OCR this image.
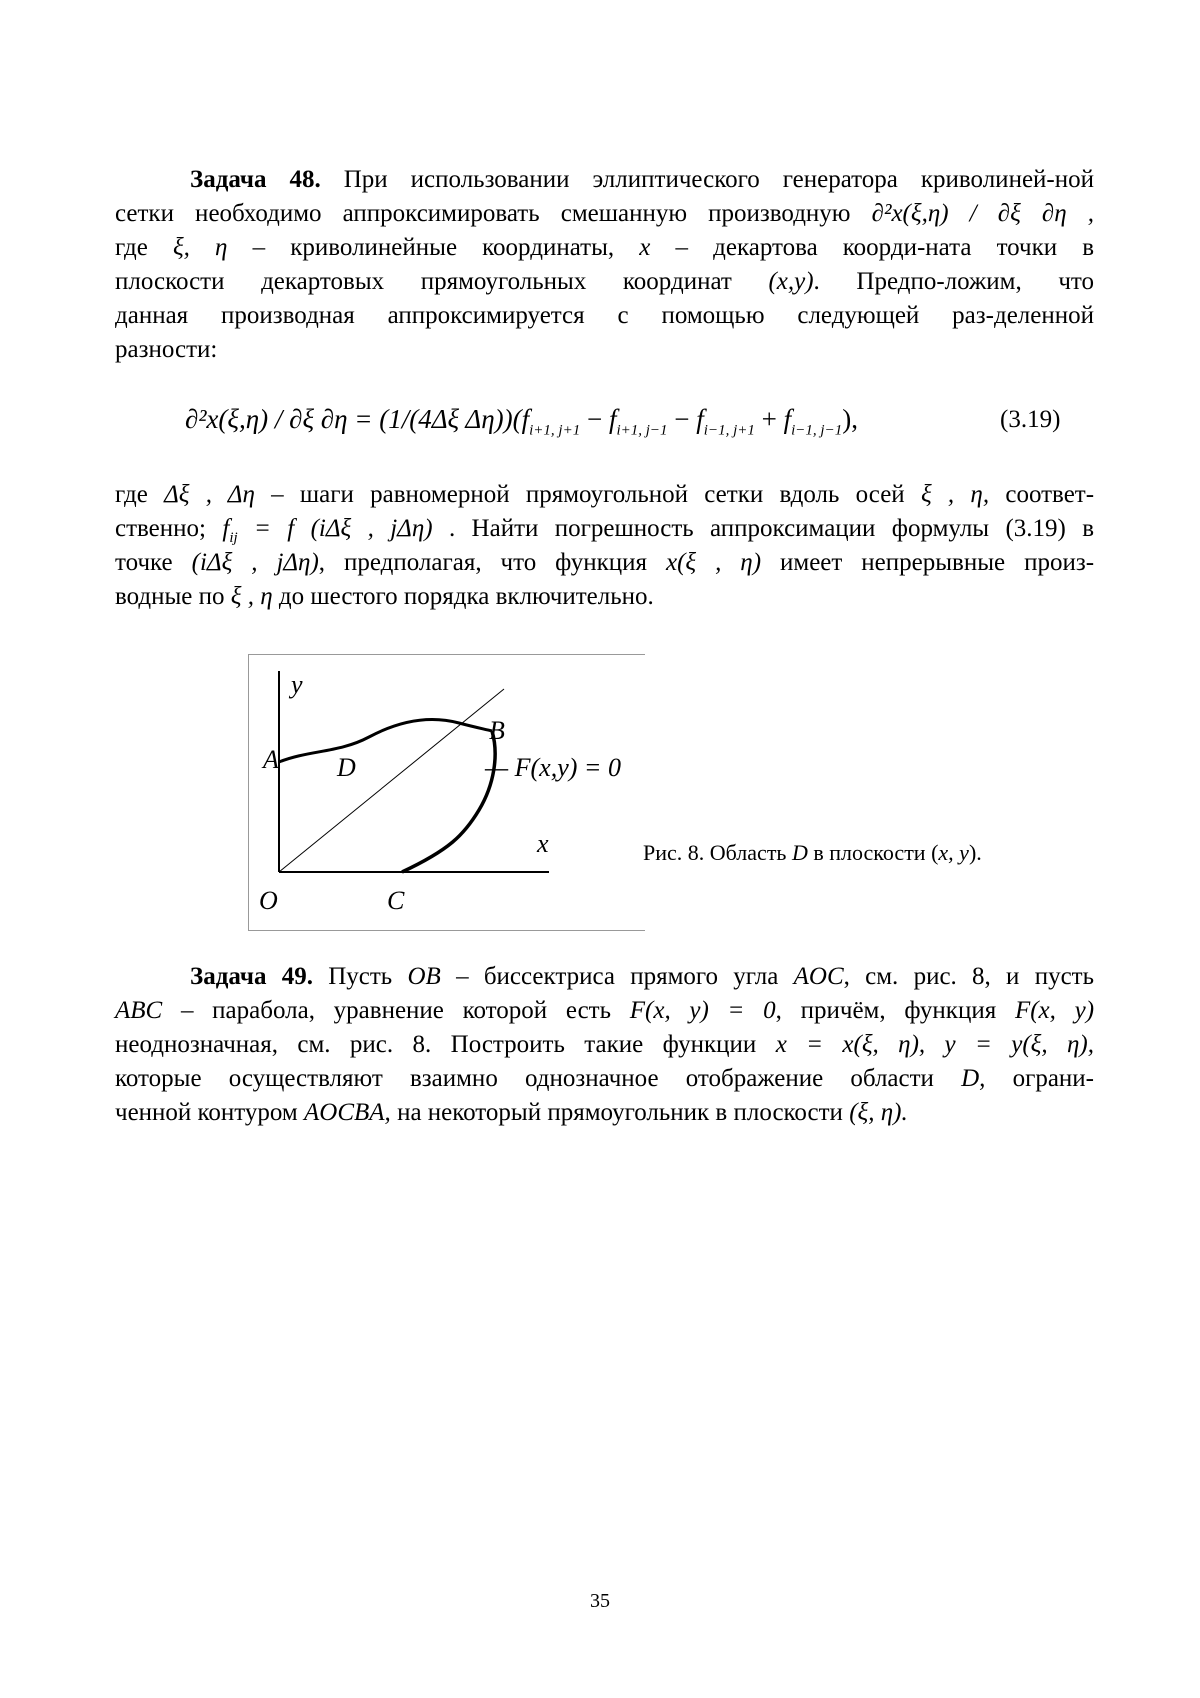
Задача 48. При использовании эллиптического генератора криволиней-ной
сетки необходимо аппроксимировать смешанную производную ∂²x(ξ,η) / ∂ξ ∂η ,
где ξ, η – криволинейные координаты, x – декартова коорди-ната точки в
плоскости декартовых прямоугольных координат (x,y). Предпо-ложим, что
данная производная аппроксимируется с помощью следующей раз-деленной
разности:
∂²x(ξ,η) / ∂ξ ∂η = (1/(4Δξ $\Delta\eta))(f_{i+1, j+1} - f_{i+1, j-1} - f_{i-1, j+1} + f_{i-1, j-1})$,	(3.19)
где Δξ , Δη – шаги равномерной прямоугольной сетки вдоль осей ξ , η, соответ-
ственно; $f_{ij} = f$ (iΔξ , jΔη) . Найти погрешность аппроксимации формулы (3.19) в
точке (iΔξ , jΔη), предполагая, что функция x(ξ , η) имеет непрерывные произ-
водные по ξ , η до шестого порядка включительно.
y
A
B
D	— F(x,y) = 0
x
O	C
Рис. 8. Область D в плоскости (x, y).
Задача 49. Пусть OB – биссектриса прямого угла AOC, см. рис. 8, и пусть
ABC – парабола, уравнение которой есть F(x, y) = 0, причём, функция F(x, y)
неоднозначная, см. рис. 8. Построить такие функции x = x(ξ, η), y = y(ξ, η),
которые осуществляют взаимно однозначное отображение области D, ограни-
ченной контуром AOCBA, на некоторый прямоугольник в плоскости (ξ, η).
35
